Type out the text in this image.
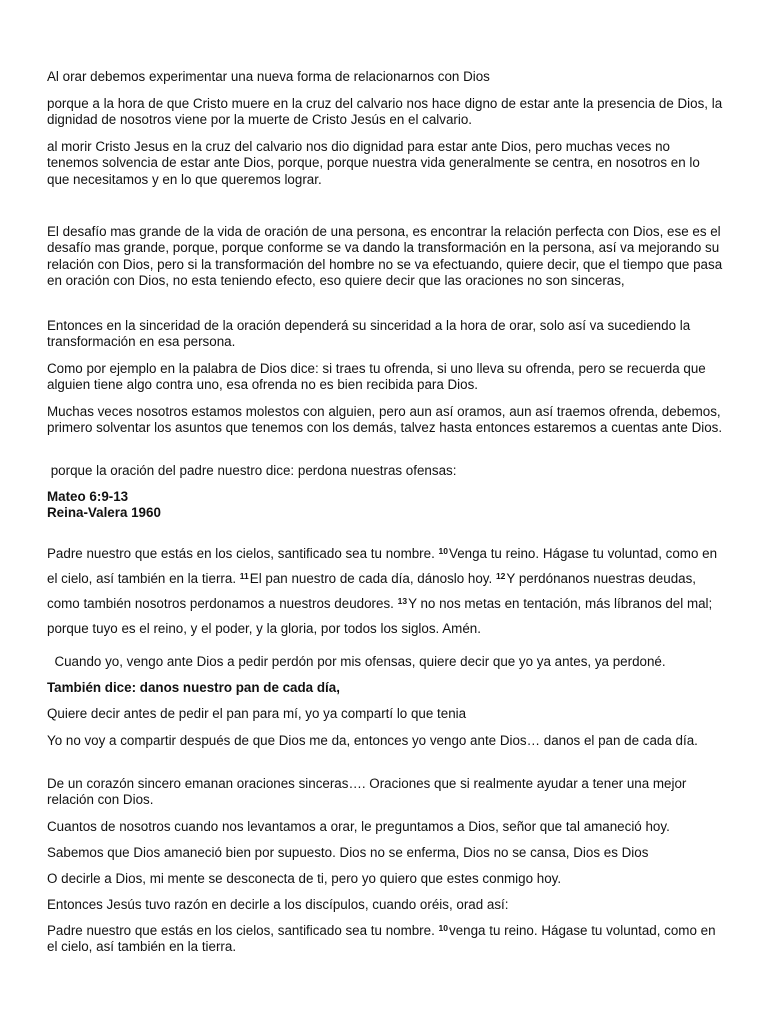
Al orar debemos experimentar una nueva forma de relacionarnos con Dios

porque a la hora de que Cristo muere en la cruz del calvario nos hace digno de estar ante la presencia de Dios, la dignidad de nosotros viene por la muerte de Cristo Jesús en el calvario.

al morir Cristo Jesus en la cruz del calvario nos dio dignidad para estar ante Dios, pero muchas veces no tenemos solvencia de estar ante Dios, porque, porque nuestra vida generalmente se centra, en nosotros en lo que necesitamos y en lo que queremos lograr.

El desafío mas grande de la vida de oración de una persona, es encontrar la relación perfecta con Dios, ese es el desafío mas grande, porque, porque conforme se va dando la transformación en la persona, así va mejorando su relación con Dios, pero si la transformación del hombre no se va efectuando, quiere decir, que el tiempo que pasa en oración con Dios, no esta teniendo efecto, eso quiere decir que las oraciones no son sinceras,

Entonces en la sinceridad de la oración dependerá su sinceridad a la hora de orar, solo así va sucediendo la transformación en esa persona.

Como por ejemplo en la palabra de Dios dice: si traes tu ofrenda, si uno lleva su ofrenda, pero se recuerda que alguien tiene algo contra uno, esa ofrenda no es bien recibida para Dios.

Muchas veces nosotros estamos molestos con alguien, pero aun así oramos, aun así traemos ofrenda, debemos, primero solventar los asuntos que tenemos con los demás, talvez hasta entonces estaremos a cuentas ante Dios.

porque la oración del padre nuestro dice: perdona nuestras ofensas:

Mateo 6:9-13
Reina-Valera 1960

Padre nuestro que estás en los cielos, santificado sea tu nombre. $^{10}$Venga tu reino. Hágase tu voluntad, como en el cielo, así también en la tierra. $^{11}$El pan nuestro de cada día, dánoslo hoy. $^{12}$Y perdónanos nuestras deudas, como también nosotros perdonamos a nuestros deudores. $^{13}$Y no nos metas en tentación, más líbranos del mal; porque tuyo es el reino, y el poder, y la gloria, por todos los siglos. Amén.

Cuando yo, vengo ante Dios a pedir perdón por mis ofensas, quiere decir que yo ya antes, ya perdoné.

También dice: danos nuestro pan de cada día,

Quiere decir antes de pedir el pan para mí, yo ya compartí lo que tenia

Yo no voy a compartir después de que Dios me da, entonces yo vengo ante Dios… danos el pan de cada día.

De un corazón sincero emanan oraciones sinceras…. Oraciones que si realmente ayudar a tener una mejor relación con Dios.

Cuantos de nosotros cuando nos levantamos a orar, le preguntamos a Dios, señor que tal amaneció hoy.

Sabemos que Dios amaneció bien por supuesto. Dios no se enferma, Dios no se cansa, Dios es Dios

O decirle a Dios, mi mente se desconecta de ti, pero yo quiero que estes conmigo hoy.

Entonces Jesús tuvo razón en decirle a los discípulos, cuando oréis, orad así:

Padre nuestro que estás en los cielos, santificado sea tu nombre. $^{10}$venga tu reino. Hágase tu voluntad, como en el cielo, así también en la tierra.
